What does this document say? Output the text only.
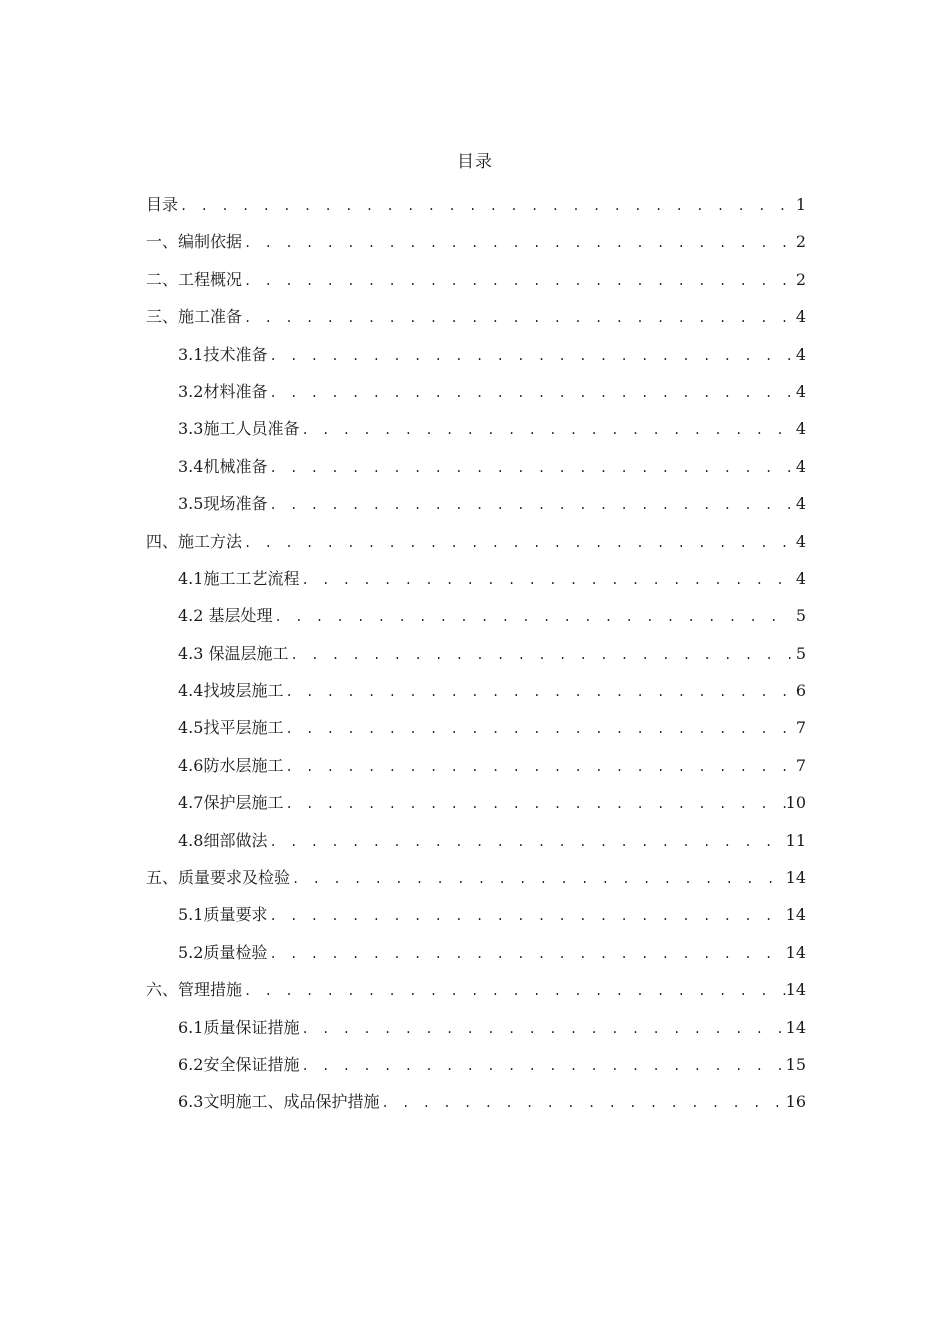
目录
目录 . . .	1
一、编制依据 . . .	2
二、工程概况 . . .	2
三、施工准备 . . .	4
3.1技术准备 . . .	4
3.2材料准备 . . .	4
3.3施工人员准备 . . .	4
3.4机械准备 . . .	4
3.5现场准备 . . .	4
四、施工方法 . . .	4
4.1施工工艺流程 . . .	4
4.2 基层处理 . . .	5
4.3 保温层施工 . . .	5
4.4找坡层施工 . . .	6
4.5找平层施工 . . .	7
4.6防水层施工 . . .	7
4.7保护层施工 . . .	10
4.8细部做法 . . .	11
五、质量要求及检验 . . .	14
5.1质量要求 . . .	14
5.2质量检验 . . .	14
六、管理措施 . . .	14
6.1质量保证措施 . . .	14
6.2安全保证措施 . . .	15
6.3文明施工、成品保护措施 . . .	16
